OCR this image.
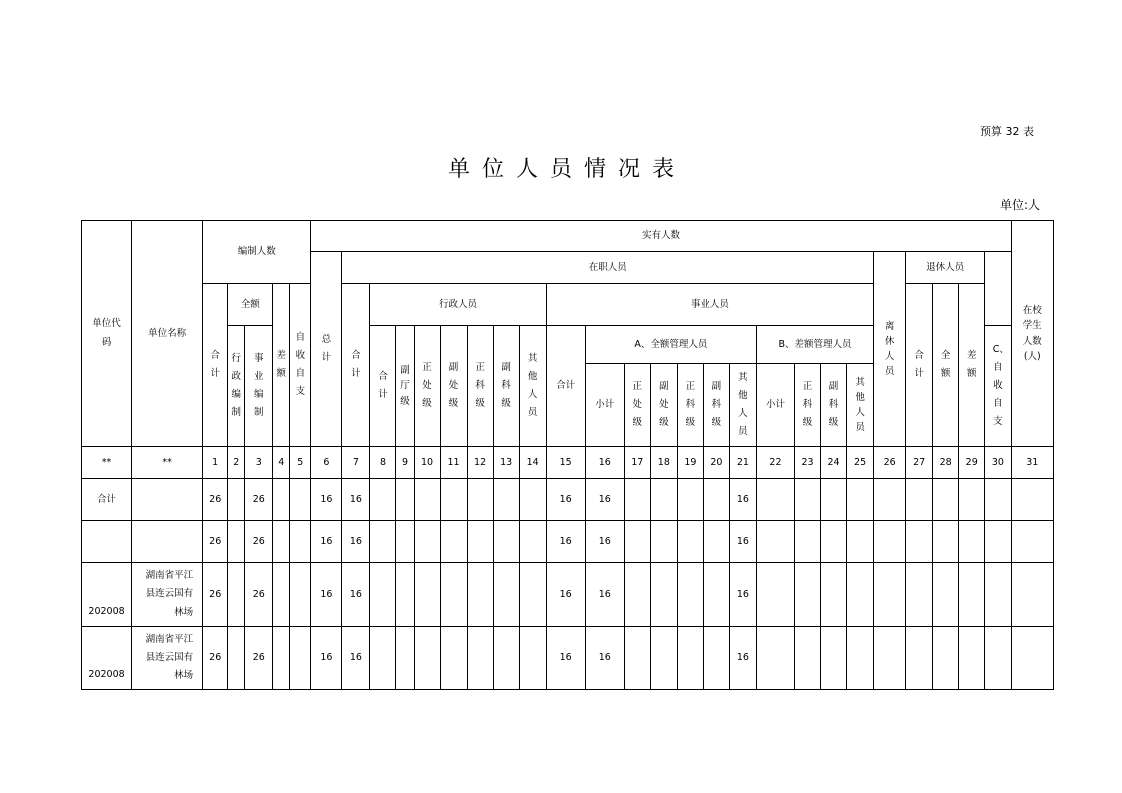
预算 32 表
单位人员情况表
单位:人
单位代码	单位名称	编制人数					实有人数																									在校学生人数(人)
							总计	在职人员																			离休人员	退休人员				
		合计	全额		差额	自收自支		合计	行政人员							事业人员												合计	全额	差额		
			行政编制	事业编制					合计	副厅级	正处级	副处级	正科级	副科级	其他人员	合计	A、全额管理人员						B、差额管理人员								C、自收自支	
																	小计	正处级	副处级	正科级	副科级	其他人员	小计	正科级	副科级	其他人员						

**	**	1	2	3	4	5	6	7	8	9	10	11	12	13	14	15	16	17	18	19	20	21	22	23	24	25	26	27	28	29	30	31
合计		26		26			16	16								16	16					16										
		26		26			16	16								16	16					16										
202008	湖南省平江县连云国有林场	26		26			16	16								16	16					16										
202008	湖南省平江县连云国有林场	26		26			16	16								16	16					16										
